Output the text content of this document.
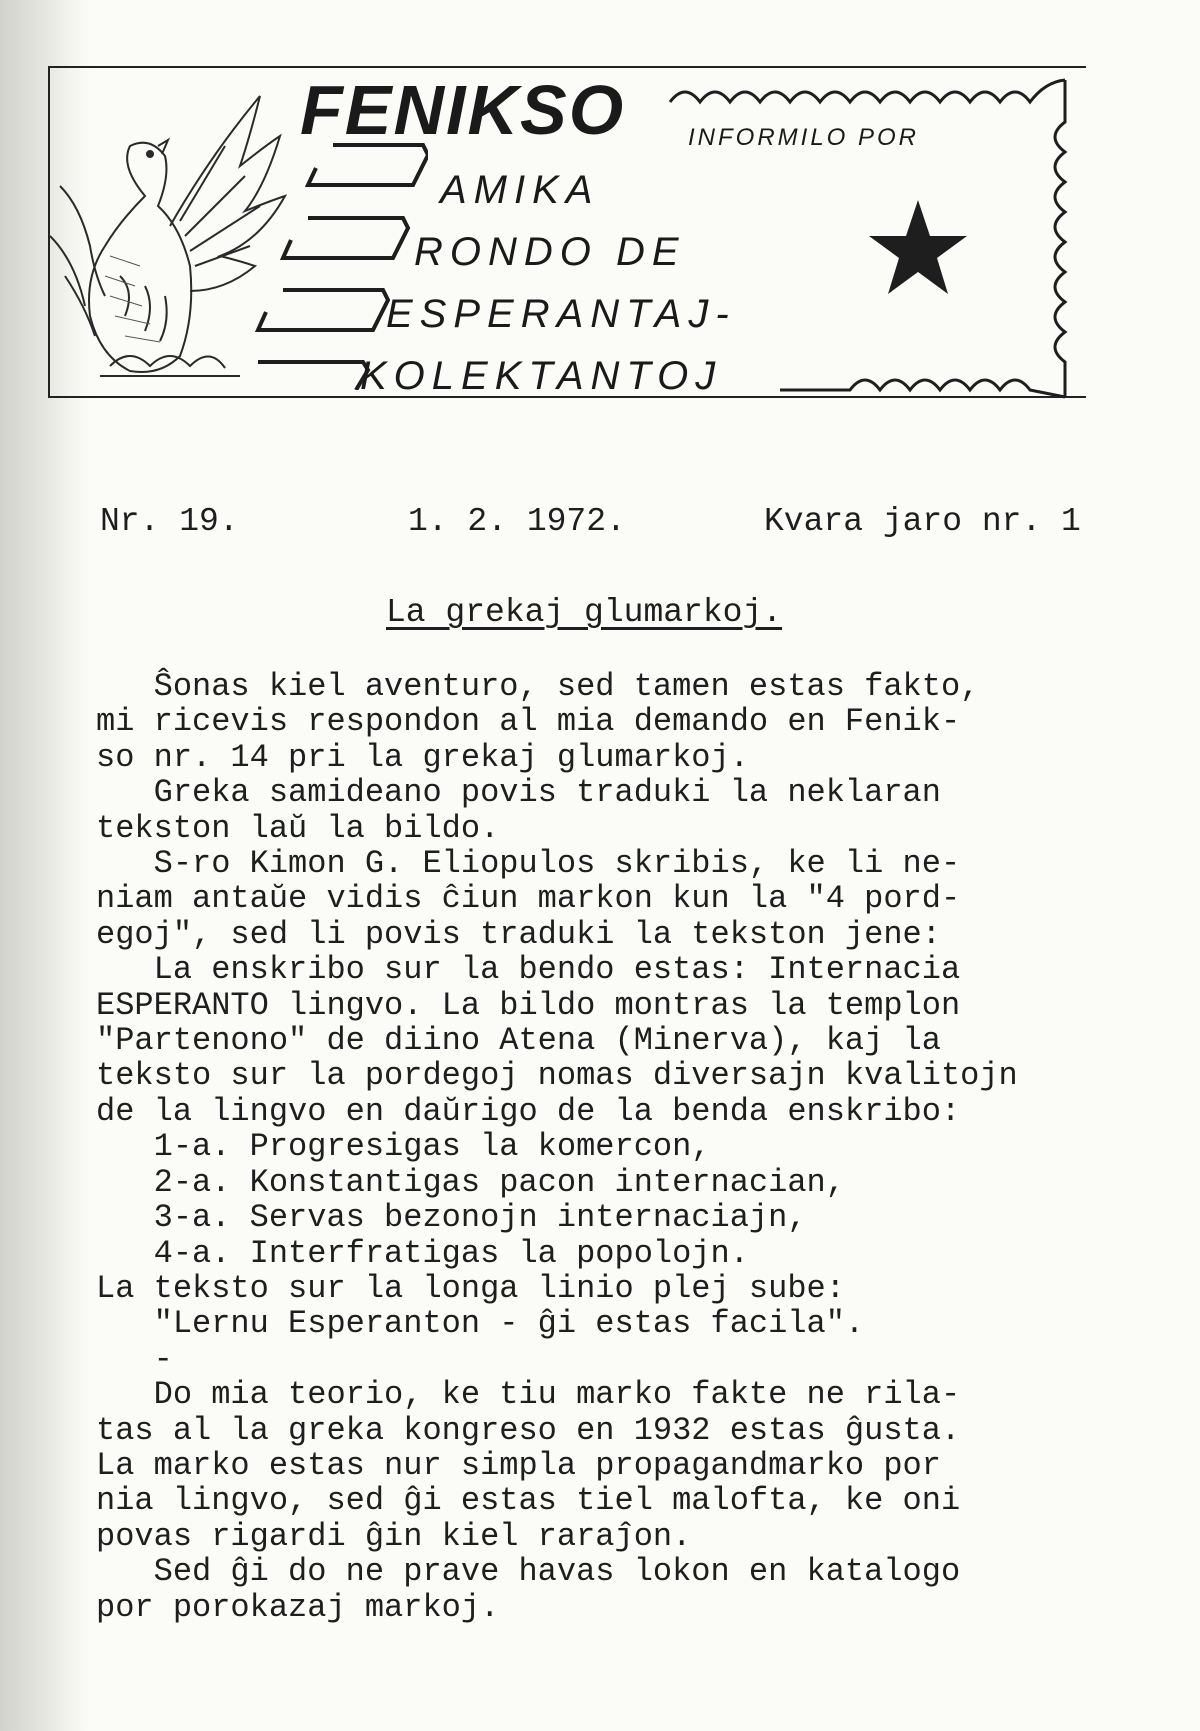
FENIKSO	INFORMILO POR
AMIKA
RONDO DE
ESPERANTAJ-
KOLEKTANTOJ

Nr. 19.

	1. 2. 1972.

	Kvara jaro nr. 1

La grekaj glumarkoj.

Ŝonas kiel aventuro, sed tamen estas fakto,

mi ricevis respondon al mia demando en Fenik-

so nr. 14 pri la grekaj glumarkoj.

Greka samideano povis traduki la neklaran

tekston laŭ la bildo.

S-ro Kimon G. Eliopulos skribis, ke li ne-

niam antaŭe vidis ĉiun markon kun la "4 pord-

egoj", sed li povis traduki la tekston jene:

La enskribo sur la bendo estas: Internacia

ESPERANTO lingvo. La bildo montras la templon

"Partenono" de diino Atena (Minerva), kaj la

teksto sur la pordegoj nomas diversajn kvalitojn

de la lingvo en daŭrigo de la benda enskribo:

1-a. Progresigas la komercon,

2-a. Konstantigas pacon internacian,

3-a. Servas bezonojn internaciajn,

4-a. Interfratigas la popolojn.

La teksto sur la longa linio plej sube:

"Lernu Esperanton - ĝi estas facila".

-

Do mia teorio, ke tiu marko fakte ne rila-

tas al la greka kongreso en 1932 estas ĝusta.

La marko estas nur simpla propagandmarko por

nia lingvo, sed ĝi estas tiel malofta, ke oni

povas rigardi ĝin kiel raraĵon.

Sed ĝi do ne prave havas lokon en katalogo

por porokazaj markoj.
